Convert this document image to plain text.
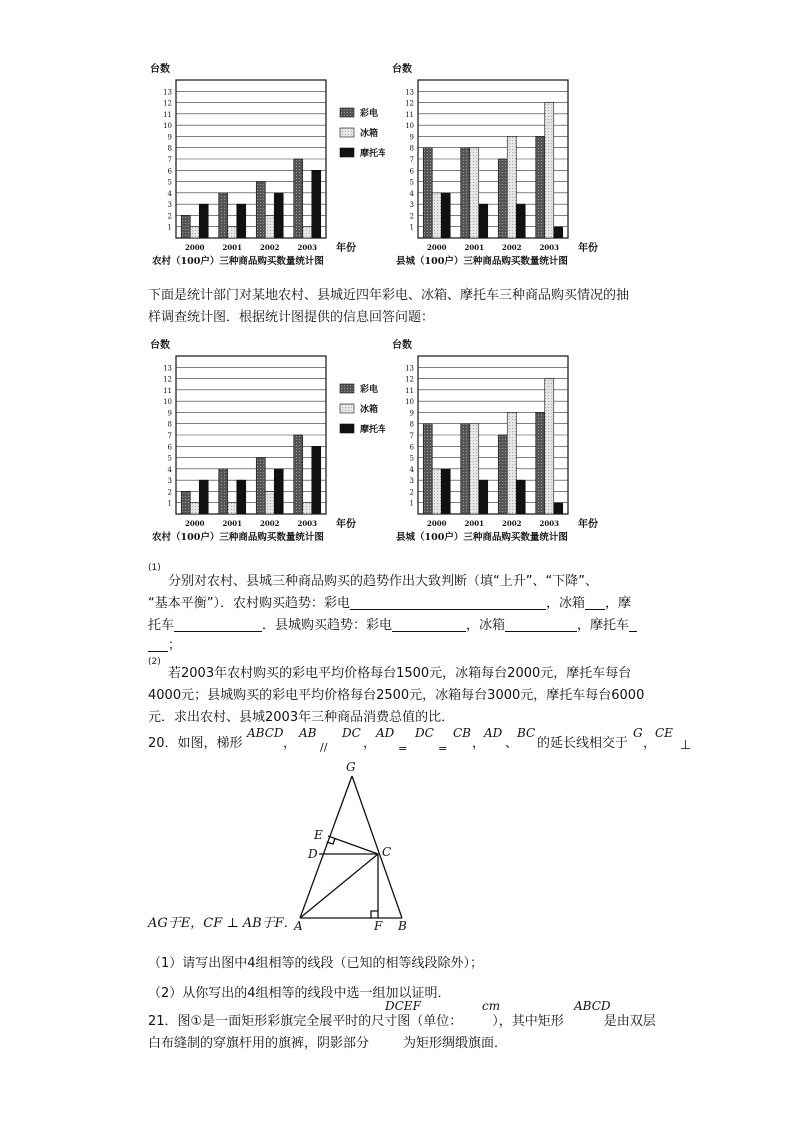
台数
1
2
3
4
5
6
7
8
9
10
11
12
13
2000	2001	2002	2003 年份
农村（100户）三种商品购买数量统计图
彩电
冰箱
摩托车
台数
1
2
3
4
5
6
7
8
9
10
11
12
13
2000	2001	2002	2003 年份
县城（100户）三种商品购买数量统计图
下面是统计部门对某地农村、县城近四年彩电、冰箱、摩托车三种商品购买情况的抽
样调查统计图．根据统计图提供的信息回答问题：
台数
1
2
3
4
5
6
7
8
9
10
11
12
13
2000	2001	2002	2003 年份
农村（100户）三种商品购买数量统计图
彩电
冰箱
摩托车
台数
1
2
3
4
5
6
7
8
9
10
11
12
13
2000	2001	2002	2003 年份
县城（100户）三种商品购买数量统计图
(1)
分别对农村、县城三种商品购买的趋势作出大致判断（填“上升”、“下降”、
“基本平衡”）．农村购买趋势：彩电	，冰箱 ，摩
托车	．县城购买趋势：彩电	，冰箱	，摩托车
；
(2)
若2003年农村购买的彩电平均价格每台1500元，冰箱每台2000元，摩托车每台
4000元；县城购买的彩电平均价格每台2500元，冰箱每台3000元，摩托车每台6000
元．求出农村、县城2003年三种商品消费总值的比．
20．如图，梯形
ABCD
，
AB
//
DC
，
AD
=
DC
=
CB
，
AD
、
BC
的延长线相交于
G
，
CE
⊥
G
E
D	C
A	F B
AG于E，CF ⊥ AB于F．
（1）请写出图中4组相等的线段（已知的相等线段除外）；
（2）从你写出的4组相等的线段中选一组加以证明．
DCEF	cm	ABCD
21．图①是一面矩形彩旗完全展平时的尺寸图（单位： ），其中矩形	是由双层
白布缝制的穿旗杆用的旗裤，阴影部分	为矩形绸缎旗面．
